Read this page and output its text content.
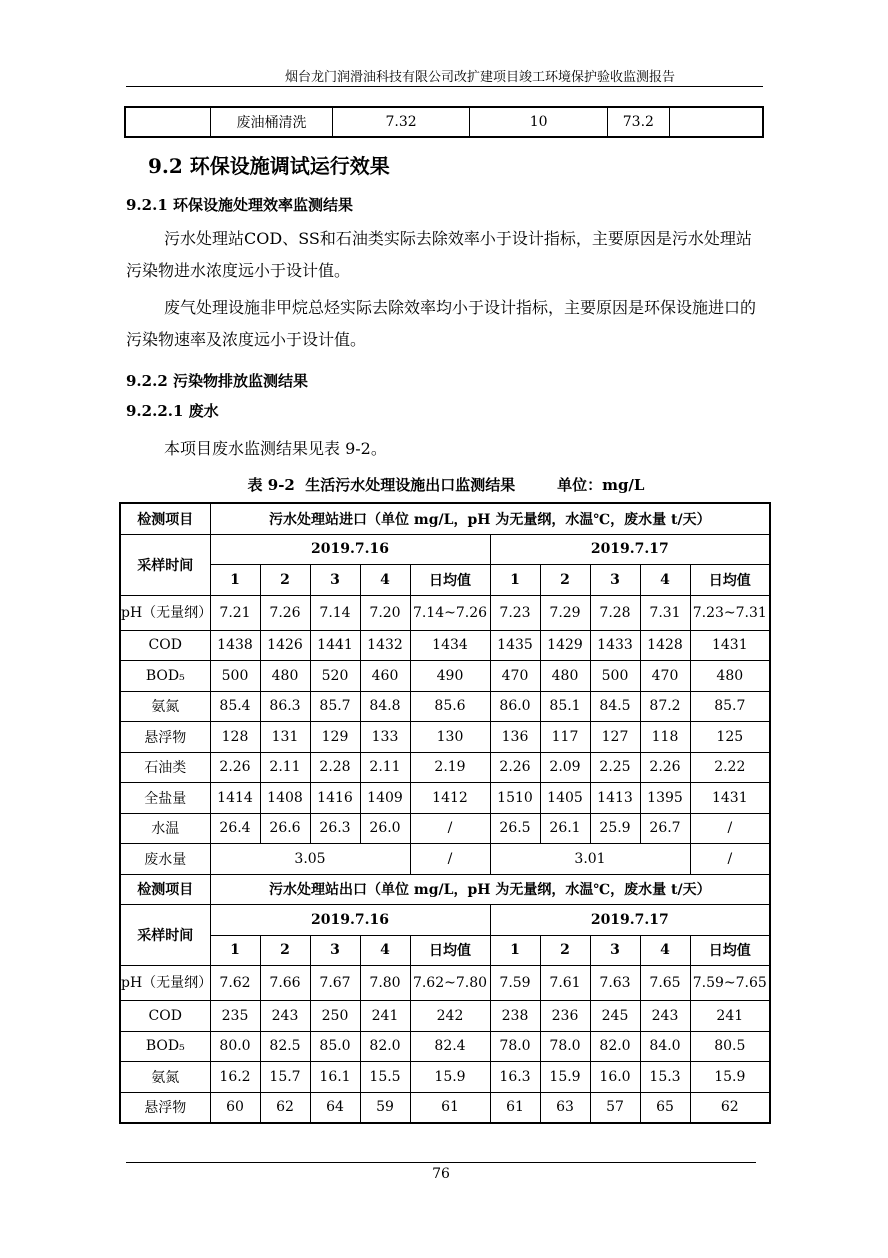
烟台龙门润滑油科技有限公司改扩建项目竣工环境保护验收监测报告
	废油桶清洗	7.32	10	73.2	
9.2 环保设施调试运行效果
9.2.1 环保设施处理效率监测结果
污水处理站COD、SS和石油类实际去除效率小于设计指标，主要原因是污水处理站污染物进水浓度远小于设计值。
废气处理设施非甲烷总烃实际去除效率均小于设计指标，主要原因是环保设施进口的污染物速率及浓度远小于设计值。
9.2.2 污染物排放监测结果
9.2.2.1 废水
本项目废水监测结果见表 9-2。
表 9-2  生活污水处理设施出口监测结果        单位：mg/L
检测项目	污水处理站进口（单位 mg/L，pH 为无量纲，水温℃，废水量 t/天）									
采样时间	2019.7.16					2019.7.17				
	1	2	3	4	日均值	1	2	3	4	日均值
pH（无量纲）	7.21	7.26	7.14	7.20	7.14~7.26	7.23	7.29	7.28	7.31	7.23~7.31
COD	1438	1426	1441	1432	1434	1435	1429	1433	1428	1431
BOD₅	500	480	520	460	490	470	480	500	470	480
氨氮	85.4	86.3	85.7	84.8	85.6	86.0	85.1	84.5	87.2	85.7
悬浮物	128	131	129	133	130	136	117	127	118	125
石油类	2.26	2.11	2.28	2.11	2.19	2.26	2.09	2.25	2.26	2.22
全盐量	1414	1408	1416	1409	1412	1510	1405	1413	1395	1431
水温	26.4	26.6	26.3	26.0	/	26.5	26.1	25.9	26.7	/
废水量	3.05				/	3.01				/
检测项目	污水处理站出口（单位 mg/L，pH 为无量纲，水温℃，废水量 t/天）									
采样时间	2019.7.16					2019.7.17				
	1	2	3	4	日均值	1	2	3	4	日均值
pH（无量纲）	7.62	7.66	7.67	7.80	7.62~7.80	7.59	7.61	7.63	7.65	7.59~7.65
COD	235	243	250	241	242	238	236	245	243	241
BOD₅	80.0	82.5	85.0	82.0	82.4	78.0	78.0	82.0	84.0	80.5
氨氮	16.2	15.7	16.1	15.5	15.9	16.3	15.9	16.0	15.3	15.9
悬浮物	60	62	64	59	61	61	63	57	65	62
76
